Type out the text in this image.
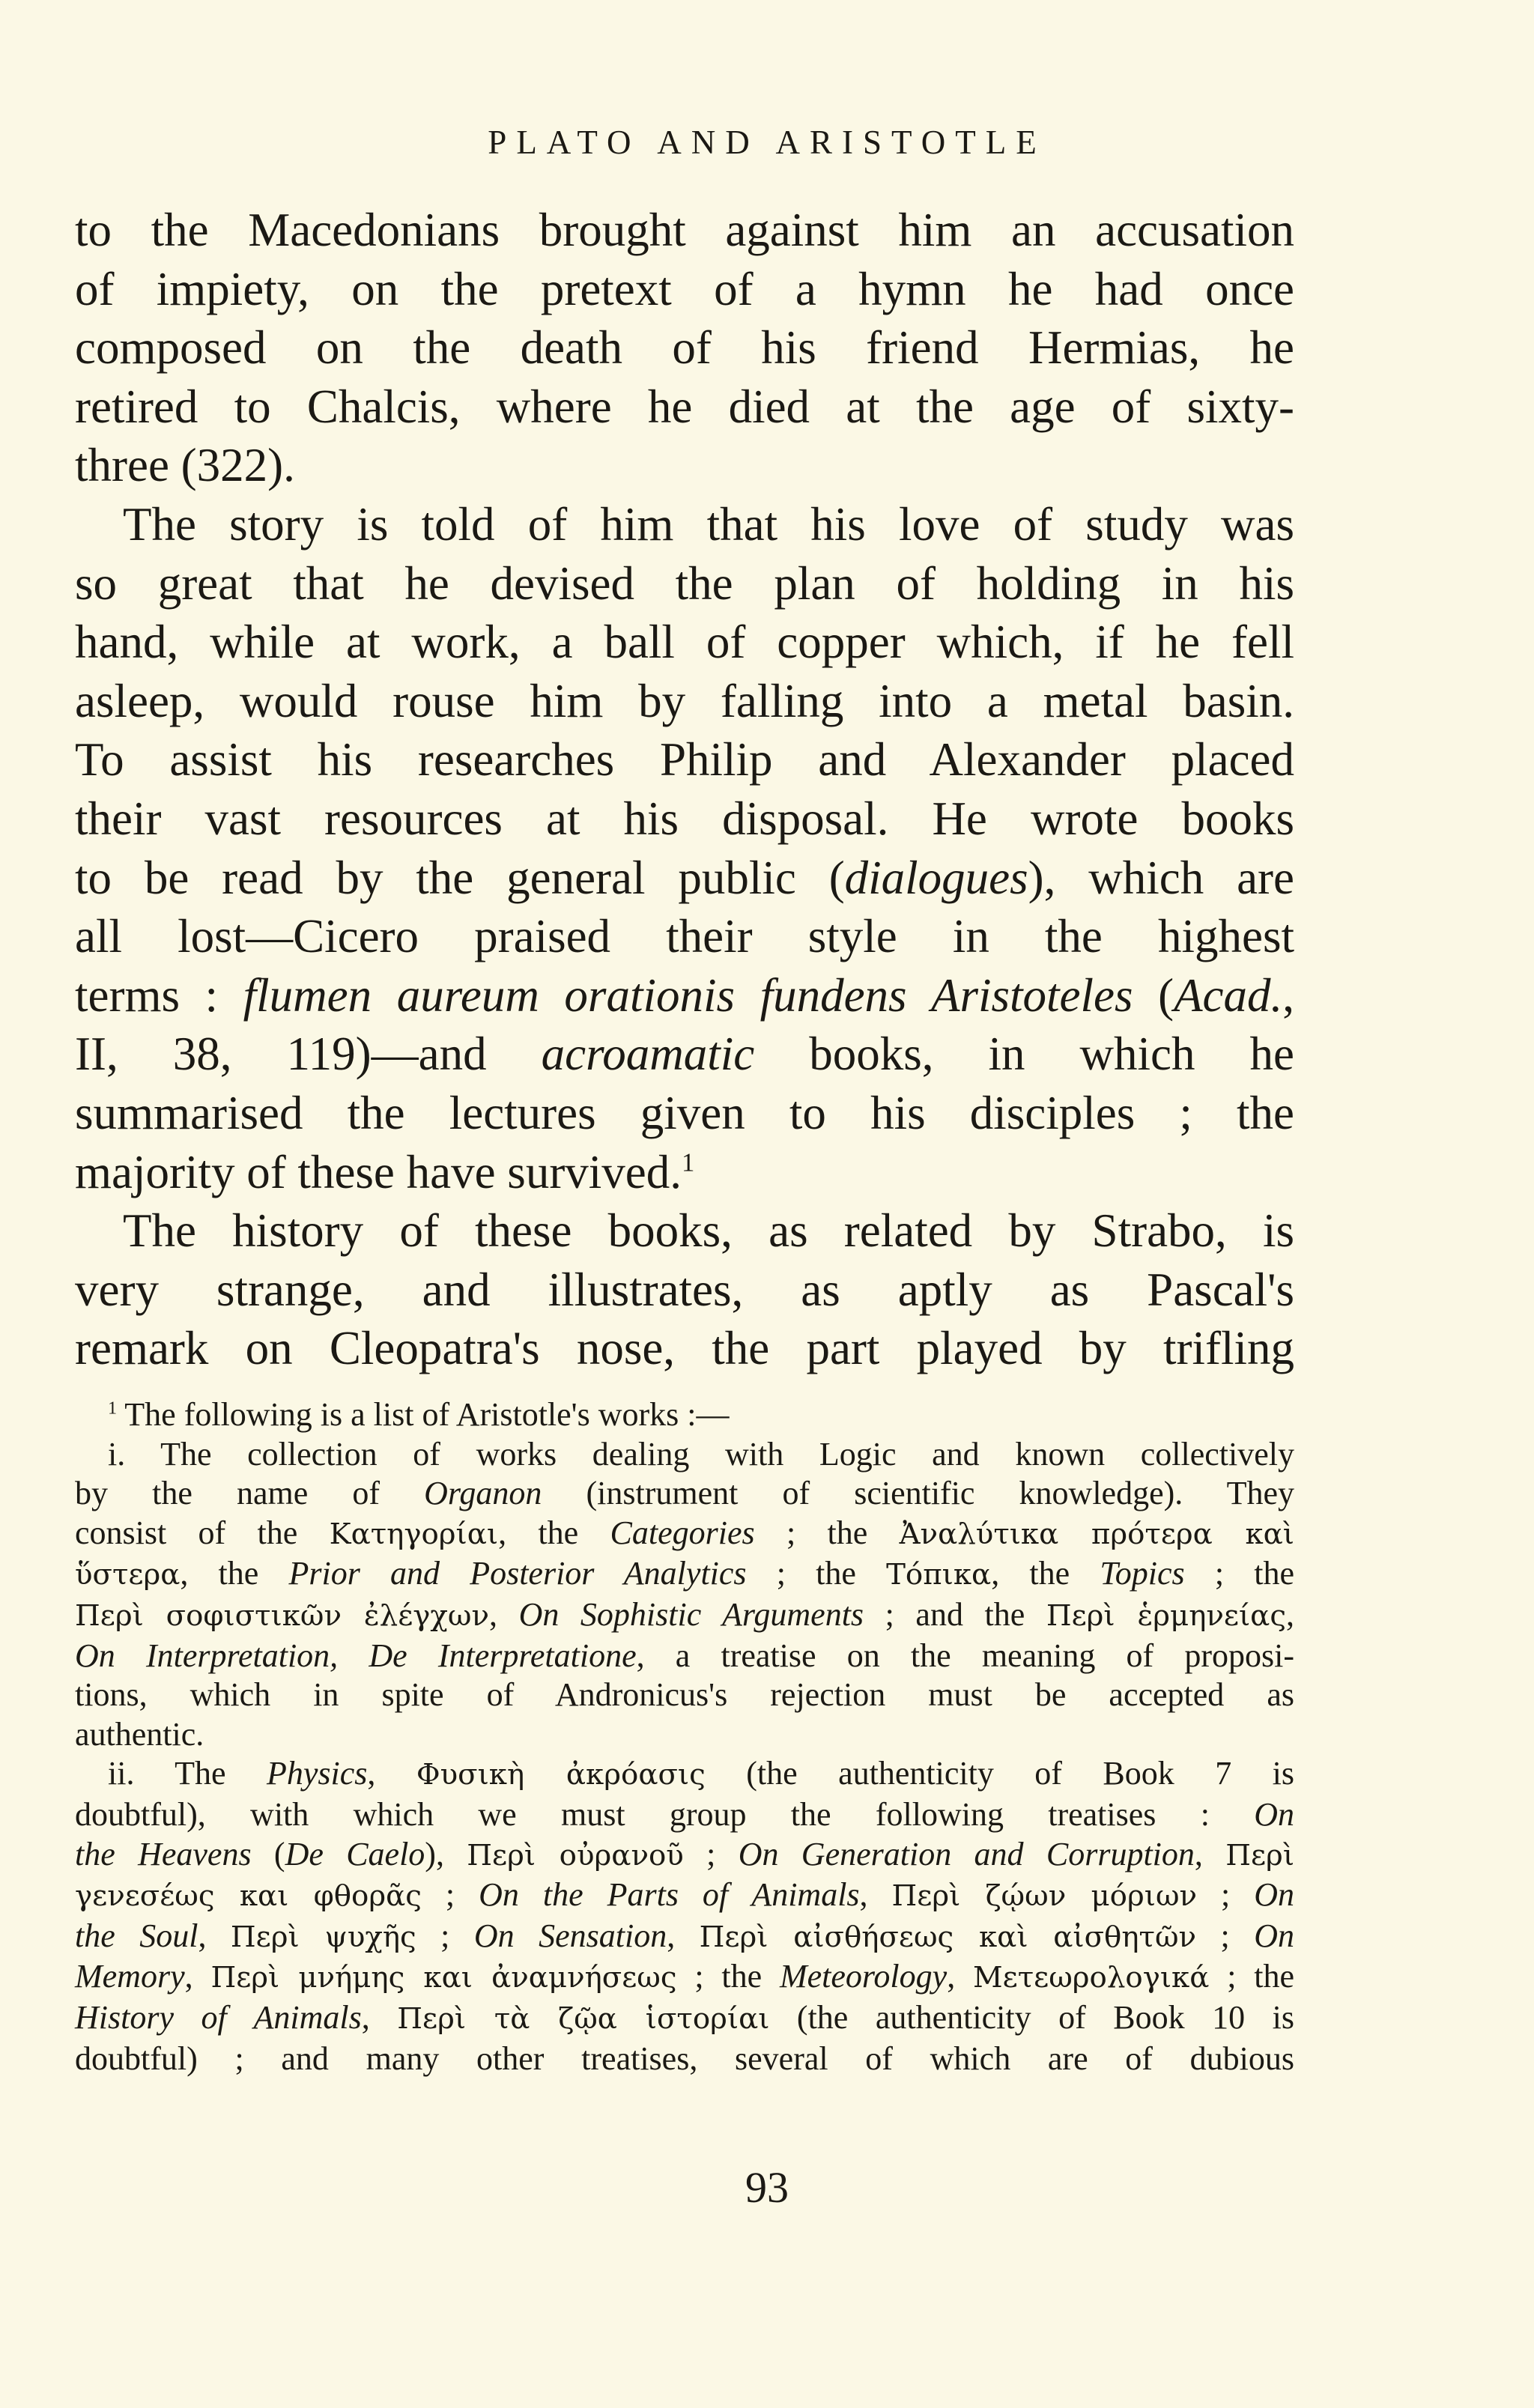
PLATO AND ARISTOTLE
to the Macedonians brought against him an accusation
of impiety, on the pretext of a hymn he had once
composed on the death of his friend Hermias, he
retired to Chalcis, where he died at the age of sixty-
three (322).
The story is told of him that his love of study was
so great that he devised the plan of holding in his
hand, while at work, a ball of copper which, if he fell
asleep, would rouse him by falling into a metal basin.
To assist his researches Philip and Alexander placed
their vast resources at his disposal. He wrote books
to be read by the general public (dialogues), which are
all lost—Cicero praised their style in the highest
terms : flumen aureum orationis fundens Aristoteles (Acad.,
II, 38, 119)—and acroamatic books, in which he
summarised the lectures given to his disciples ; the
majority of these have survived.$^1$
The history of these books, as related by Strabo, is
very strange, and illustrates, as aptly as Pascal's
remark on Cleopatra's nose, the part played by trifling
$^1$ The following is a list of Aristotle's works :—
i. The collection of works dealing with Logic and known collectively
by the name of Organon (instrument of scientific knowledge). They
consist of the Κατηγορίαι, the Categories ; the Ἀναλύτικα πρότερα καὶ
ὕστερα, the Prior and Posterior Analytics ; the Τόπικα, the Topics ; the
Περὶ σοφιστικῶν ἐλέγχων, On Sophistic Arguments ; and the Περὶ ἑρμηνείας,
On Interpretation, De Interpretatione, a treatise on the meaning of proposi-
tions, which in spite of Andronicus's rejection must be accepted as
authentic.
ii. The Physics, Φυσικὴ ἀκρόασις (the authenticity of Book 7 is
doubtful), with which we must group the following treatises : On
the Heavens (De Caelo), Περὶ οὐρανοῦ ; On Generation and Corruption, Περὶ
γενεσέως και φθορᾶς ; On the Parts of Animals, Περὶ ζῴων μόριων ; On
the Soul, Περὶ ψυχῆς ; On Sensation, Περὶ αἰσθήσεως καὶ αἰσθητῶν ; On
Memory, Περὶ μνήμης και ἀναμνήσεως ; the Meteorology, Μετεωρολογικά ; the
History of Animals, Περὶ τὰ ζῷα ἱστορίαι (the authenticity of Book 10 is
doubtful) ; and many other treatises, several of which are of dubious
93
